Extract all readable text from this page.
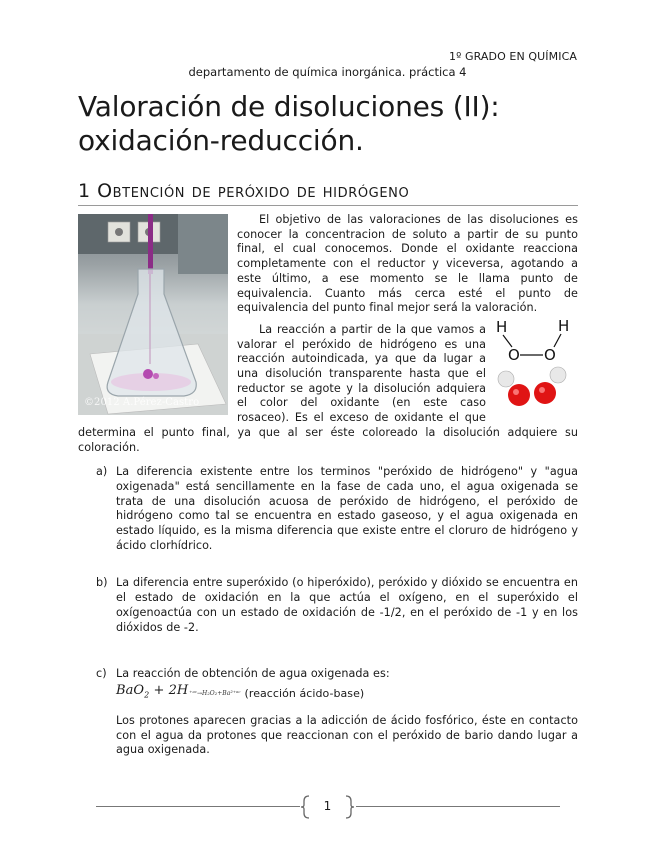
1º GRADO EN QUÍMICA
departamento de química inorgánica. práctica 4
Valoración de disoluciones (II): oxidación-reducción.
1 Obtención de peróxido de hidrógeno
©2012 A.Pérez-Castro

El objetivo de las valoraciones de las disoluciones es conocer la concentracion de soluto a partir de su punto final, el cual conocemos. Donde el oxidante reacciona completamente con el reductor y viceversa, agotando a este último, a ese momento se le llama punto de equivalencia. Cuanto más cerca esté el punto de equivalencia del punto final mejor será la valoración.

H	H
O O

La reacción a partir de la que vamos a valorar el peróxido de hidrógeno es una reacción autoindicada, ya que da lugar a una disolución transparente hasta que el reductor se agote y la disolución adquiera el color del oxidante (en este caso rosaceo). Es el exceso de oxidante el que determina el punto final, ya que al ser éste coloreado la disolución adquiere su coloración.

a) La diferencia existente entre los terminos "peróxido de hidrógeno" y "agua oxigenada" está sencillamente en la fase de cada uno, el agua oxigenada se trata de una disolución acuosa de peróxido de hidrógeno, el peróxido de hidrógeno como tal se encuentra en estado gaseoso, y el agua oxigenada en estado líquido, es la misma diferencia que existe entre el cloruro de hidrógeno y ácido clorhídrico.
b) La diferencia entre superóxido (o hiperóxido), peróxido y dióxido se encuentra en el estado de oxidación en la que actúa el oxígeno, en el superóxido el oxígenoactúa con un estado de oxidación de -1/2, en el peróxido de -1 y en los dióxidos de -2.
c) La reacción de obtención de agua oxigenada es:
BaO$_2$ + 2H ⁺ᵃᶜ→H₂O₂+Ba²⁺ᵃᶜ (reacción ácido-base)
Los protones aparecen gracias a la adicción de ácido fosfórico, éste en contacto con el agua da protones que reaccionan con el peróxido de bario dando lugar a agua oxigenada.
1
